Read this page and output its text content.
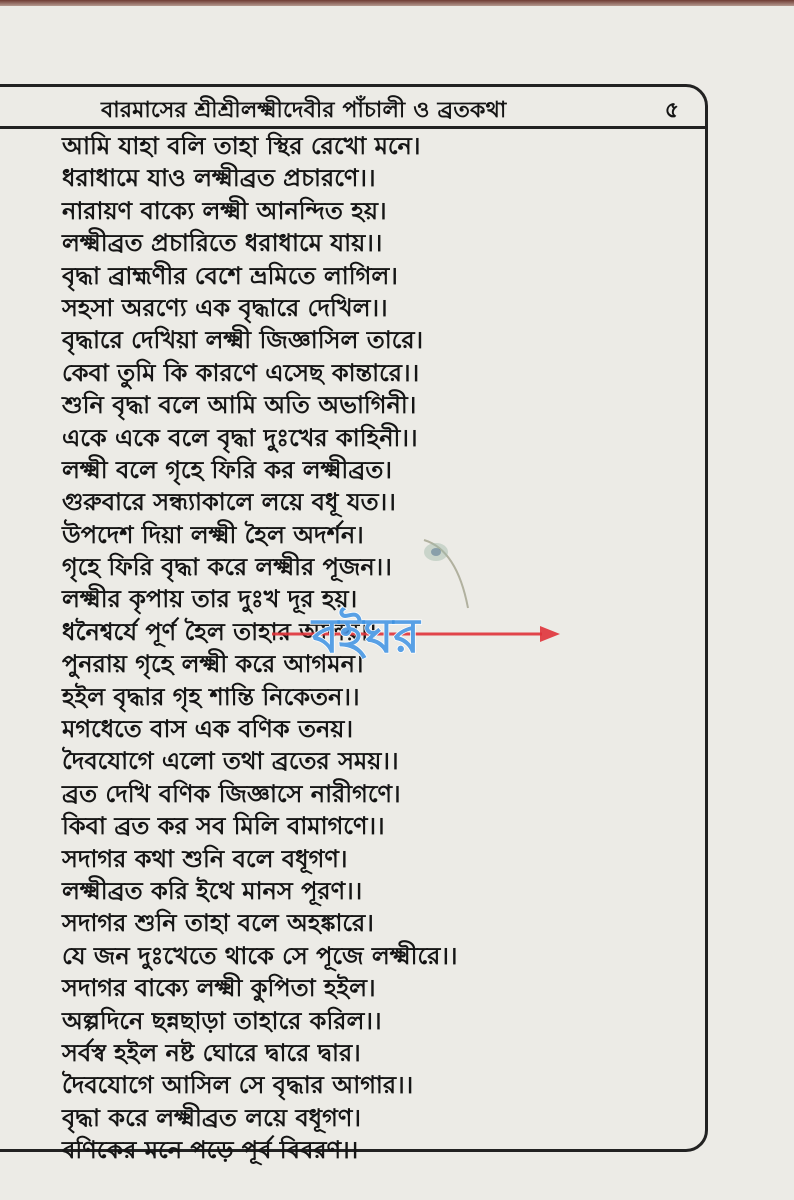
বারমাসের শ্রীশ্রীলক্ষ্মীদেবীর পাঁচালী ও ব্রতকথা	৫
আমি যাহা বলি তাহা স্থির রেখো মনে।
ধরাধামে যাও লক্ষ্মীব্রত প্রচারণে।।
নারায়ণ বাক্যে লক্ষ্মী আনন্দিত হয়।
লক্ষ্মীব্রত প্রচারিতে ধরাধামে যায়।।
বৃদ্ধা ব্রাহ্মণীর বেশে ভ্রমিতে লাগিল।
সহসা অরণ্যে এক বৃদ্ধারে দেখিল।।
বৃদ্ধারে দেখিয়া লক্ষ্মী জিজ্ঞাসিল তারে।
কেবা তুমি কি কারণে এসেছ কান্তারে।।
শুনি বৃদ্ধা বলে আমি অতি অভাগিনী।
একে একে বলে বৃদ্ধা দুঃখের কাহিনী।।
লক্ষ্মী বলে গৃহে ফিরি কর লক্ষ্মীব্রত।
গুরুবারে সন্ধ্যাকালে লয়ে বধূ যত।।
উপদেশ দিয়া লক্ষ্মী হৈল অদর্শন।
গৃহে ফিরি বৃদ্ধা করে লক্ষ্মীর পূজন।।
লক্ষ্মীর কৃপায় তার দুঃখ দূর হয়।
ধনৈশ্বর্যে পূর্ণ হৈল তাহার আলয়।।
পুনরায় গৃহে লক্ষ্মী করে আগমন।
হইল বৃদ্ধার গৃহ শান্তি নিকেতন।।
মগধেতে বাস এক বণিক তনয়।
দৈবযোগে এলো তথা ব্রতের সময়।।
ব্রত দেখি বণিক জিজ্ঞাসে নারীগণে।
কিবা ব্রত কর সব মিলি বামাগণে।।
সদাগর কথা শুনি বলে বধূগণ।
লক্ষ্মীব্রত করি ইথে মানস পূরণ।।
সদাগর শুনি তাহা বলে অহঙ্কারে।
যে জন দুঃখেতে থাকে সে পূজে লক্ষ্মীরে।।
সদাগর বাক্যে লক্ষ্মী কুপিতা হইল।
অল্পদিনে ছন্নছাড়া তাহারে করিল।।
সর্বস্ব হইল নষ্ট ঘোরে দ্বারে দ্বার।
দৈবযোগে আসিল সে বৃদ্ধার আগার।।
বৃদ্ধা করে লক্ষ্মীব্রত লয়ে বধূগণ।
বণিকের মনে পড়ে পূর্ব বিবরণ।।
বইঘর
